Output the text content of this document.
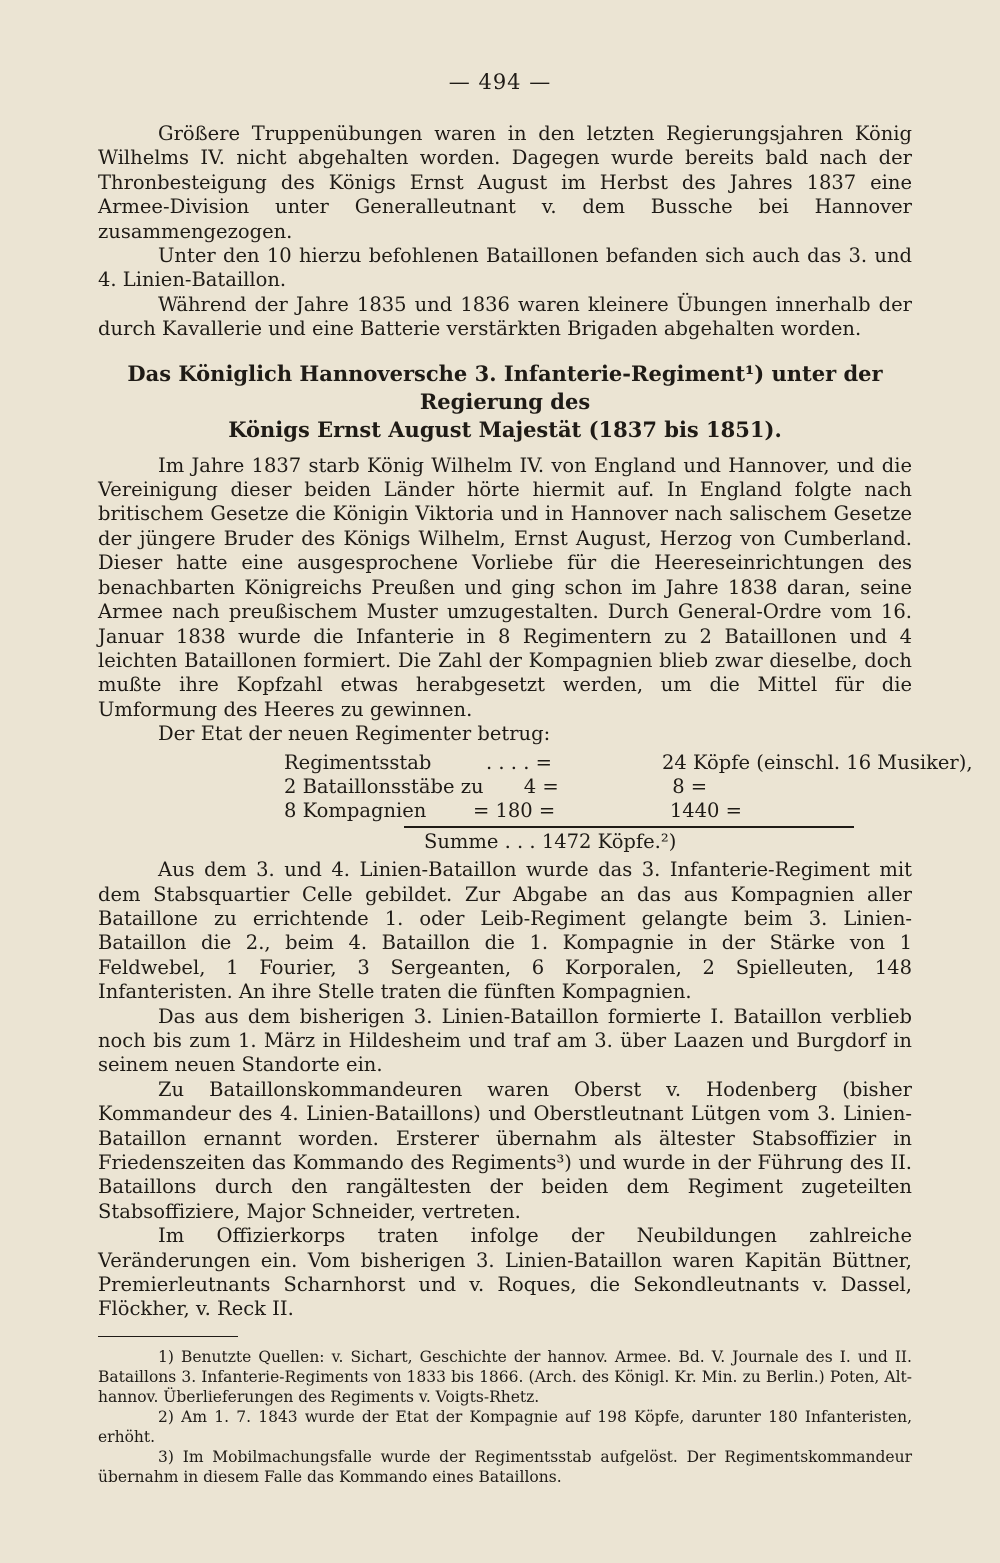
— 494 —

Größere Truppenübungen waren in den letzten Regierungsjahren König Wilhelms IV. nicht abgehalten worden. Dagegen wurde bereits bald nach der Thronbesteigung des Königs Ernst August im Herbst des Jahres 1837 eine Armee-Division unter Generalleutnant v. dem Bussche bei Hannover zusammengezogen.

Unter den 10 hierzu befohlenen Bataillonen befanden sich auch das 3. und 4. Linien-Bataillon.

Während der Jahre 1835 und 1836 waren kleinere Übungen innerhalb der durch Kavallerie und eine Batterie verstärkten Brigaden abgehalten worden.

Das Königlich Hannoversche 3. Infanterie-Regiment¹) unter der Regierung des
Königs Ernst August Majestät (1837 bis 1851).

Im Jahre 1837 starb König Wilhelm IV. von England und Hannover, und die Vereinigung dieser beiden Länder hörte hiermit auf. In England folgte nach britischem Gesetze die Königin Viktoria und in Hannover nach salischem Gesetze der jüngere Bruder des Königs Wilhelm, Ernst August, Herzog von Cumberland. Dieser hatte eine ausgesprochene Vorliebe für die Heereseinrichtungen des benachbarten Königreichs Preußen und ging schon im Jahre 1838 daran, seine Armee nach preußischem Muster umzugestalten. Durch General-Ordre vom 16. Januar 1838 wurde die Infanterie in 8 Regimentern zu 2 Bataillonen und 4 leichten Bataillonen formiert. Die Zahl der Kompagnien blieb zwar dieselbe, doch mußte ihre Kopfzahl etwas herabgesetzt werden, um die Mittel für die Umformung des Heeres zu gewinnen.

Der Etat der neuen Regimenter betrug:

Regimentsstab	. . . . =	24 Köpfe (einschl. 16 Musiker),
2 Bataillonsstäbe zu	4 =	8 =
8 Kompagnien	= 180 =	1440 =
Summe . . . 1472 Köpfe.²)

Aus dem 3. und 4. Linien-Bataillon wurde das 3. Infanterie-Regiment mit dem Stabsquartier Celle gebildet. Zur Abgabe an das aus Kompagnien aller Bataillone zu errichtende 1. oder Leib-Regiment gelangte beim 3. Linien-Bataillon die 2., beim 4. Bataillon die 1. Kompagnie in der Stärke von 1 Feldwebel, 1 Fourier, 3 Sergeanten, 6 Korporalen, 2 Spielleuten, 148 Infanteristen. An ihre Stelle traten die fünften Kompagnien.

Das aus dem bisherigen 3. Linien-Bataillon formierte I. Bataillon verblieb noch bis zum 1. März in Hildesheim und traf am 3. über Laazen und Burgdorf in seinem neuen Standorte ein.

Zu Bataillonskommandeuren waren Oberst v. Hodenberg (bisher Kommandeur des 4. Linien-Bataillons) und Oberstleutnant Lütgen vom 3. Linien-Bataillon ernannt worden. Ersterer übernahm als ältester Stabsoffizier in Friedenszeiten das Kommando des Regiments³) und wurde in der Führung des II. Bataillons durch den rangältesten der beiden dem Regiment zugeteilten Stabsoffiziere, Major Schneider, vertreten.

Im Offizierkorps traten infolge der Neubildungen zahlreiche Veränderungen ein. Vom bisherigen 3. Linien-Bataillon waren Kapitän Büttner, Premierleutnants Scharnhorst und v. Roques, die Sekondleutnants v. Dassel, Flöckher, v. Reck II.

1) Benutzte Quellen: v. Sichart, Geschichte der hannov. Armee. Bd. V. Journale des I. und II. Bataillons 3. Infanterie-Regiments von 1833 bis 1866. (Arch. des Königl. Kr. Min. zu Berlin.) Poten, Alt-hannov. Überlieferungen des Regiments v. Voigts-Rhetz.
2) Am 1. 7. 1843 wurde der Etat der Kompagnie auf 198 Köpfe, darunter 180 Infanteristen, erhöht.
3) Im Mobilmachungsfalle wurde der Regimentsstab aufgelöst. Der Regimentskommandeur übernahm in diesem Falle das Kommando eines Bataillons.
